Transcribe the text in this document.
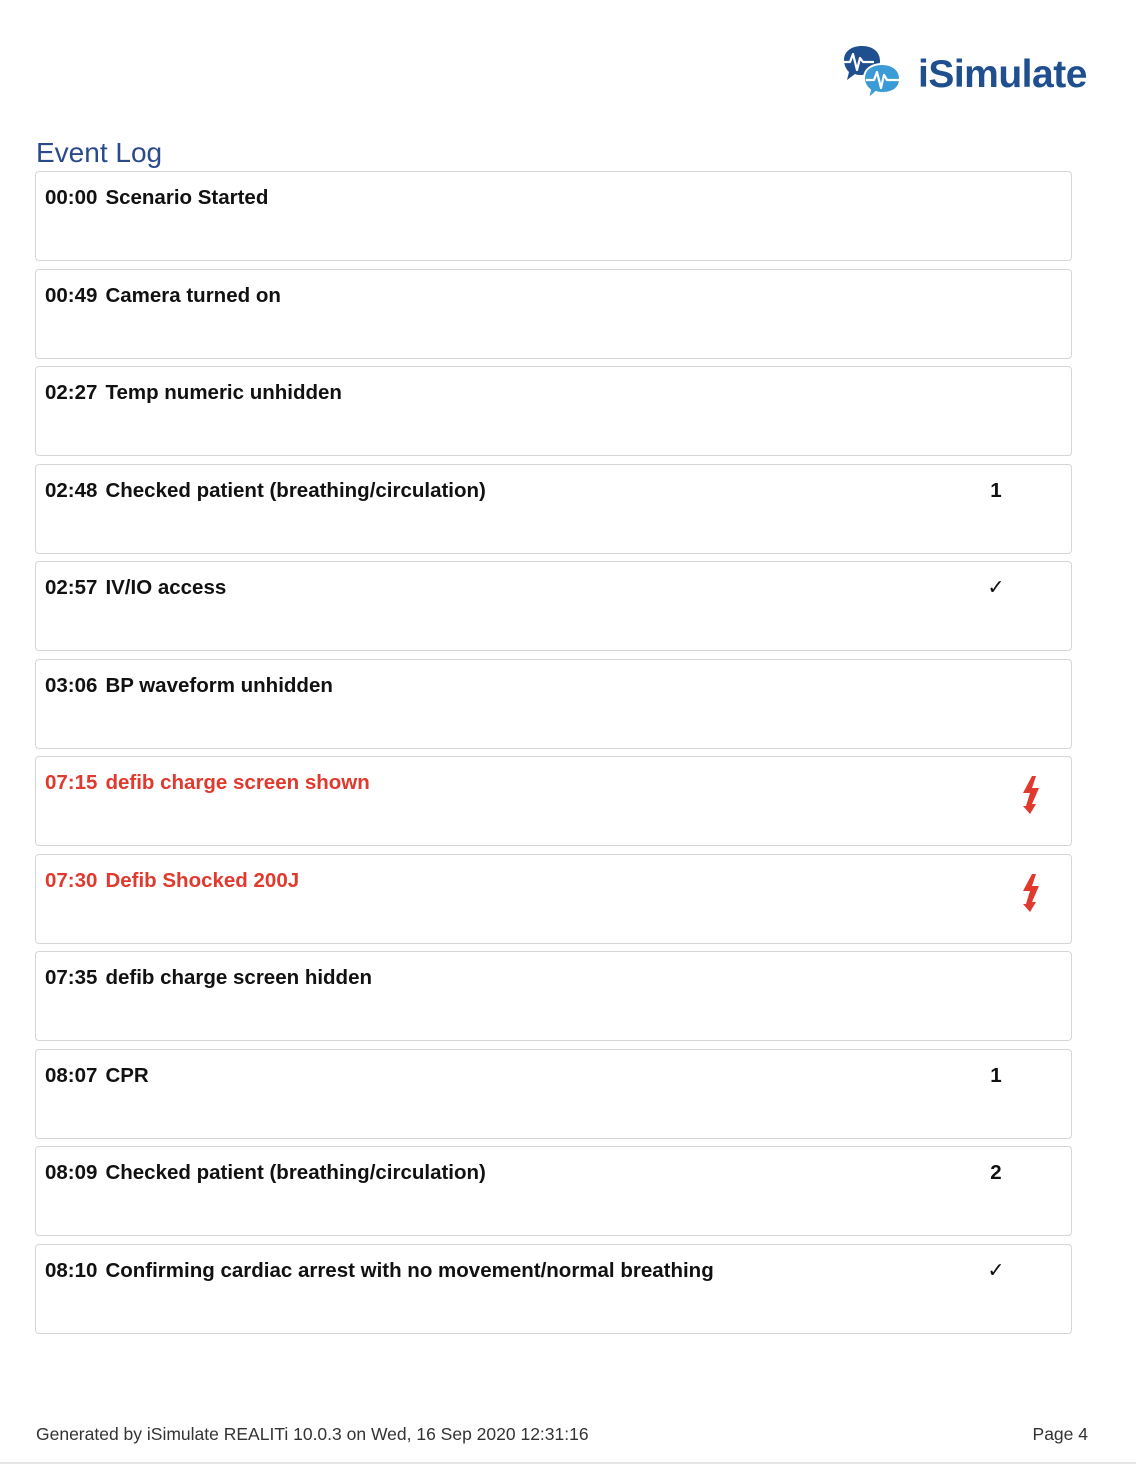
iSimulate
Event Log
00:00 Scenario Started
00:49 Camera turned on
02:27 Temp numeric unhidden
02:48 Checked patient (breathing/circulation)	1
02:57 IV/IO access	✓
03:06 BP waveform unhidden
07:15 defib charge screen shown
07:30 Defib Shocked 200J
07:35 defib charge screen hidden
08:07 CPR	1
08:09 Checked patient (breathing/circulation)	2
08:10 Confirming cardiac arrest with no movement/normal breathing	✓
Generated by iSimulate REALITi 10.0.3 on Wed, 16 Sep 2020 12:31:16	Page 4
